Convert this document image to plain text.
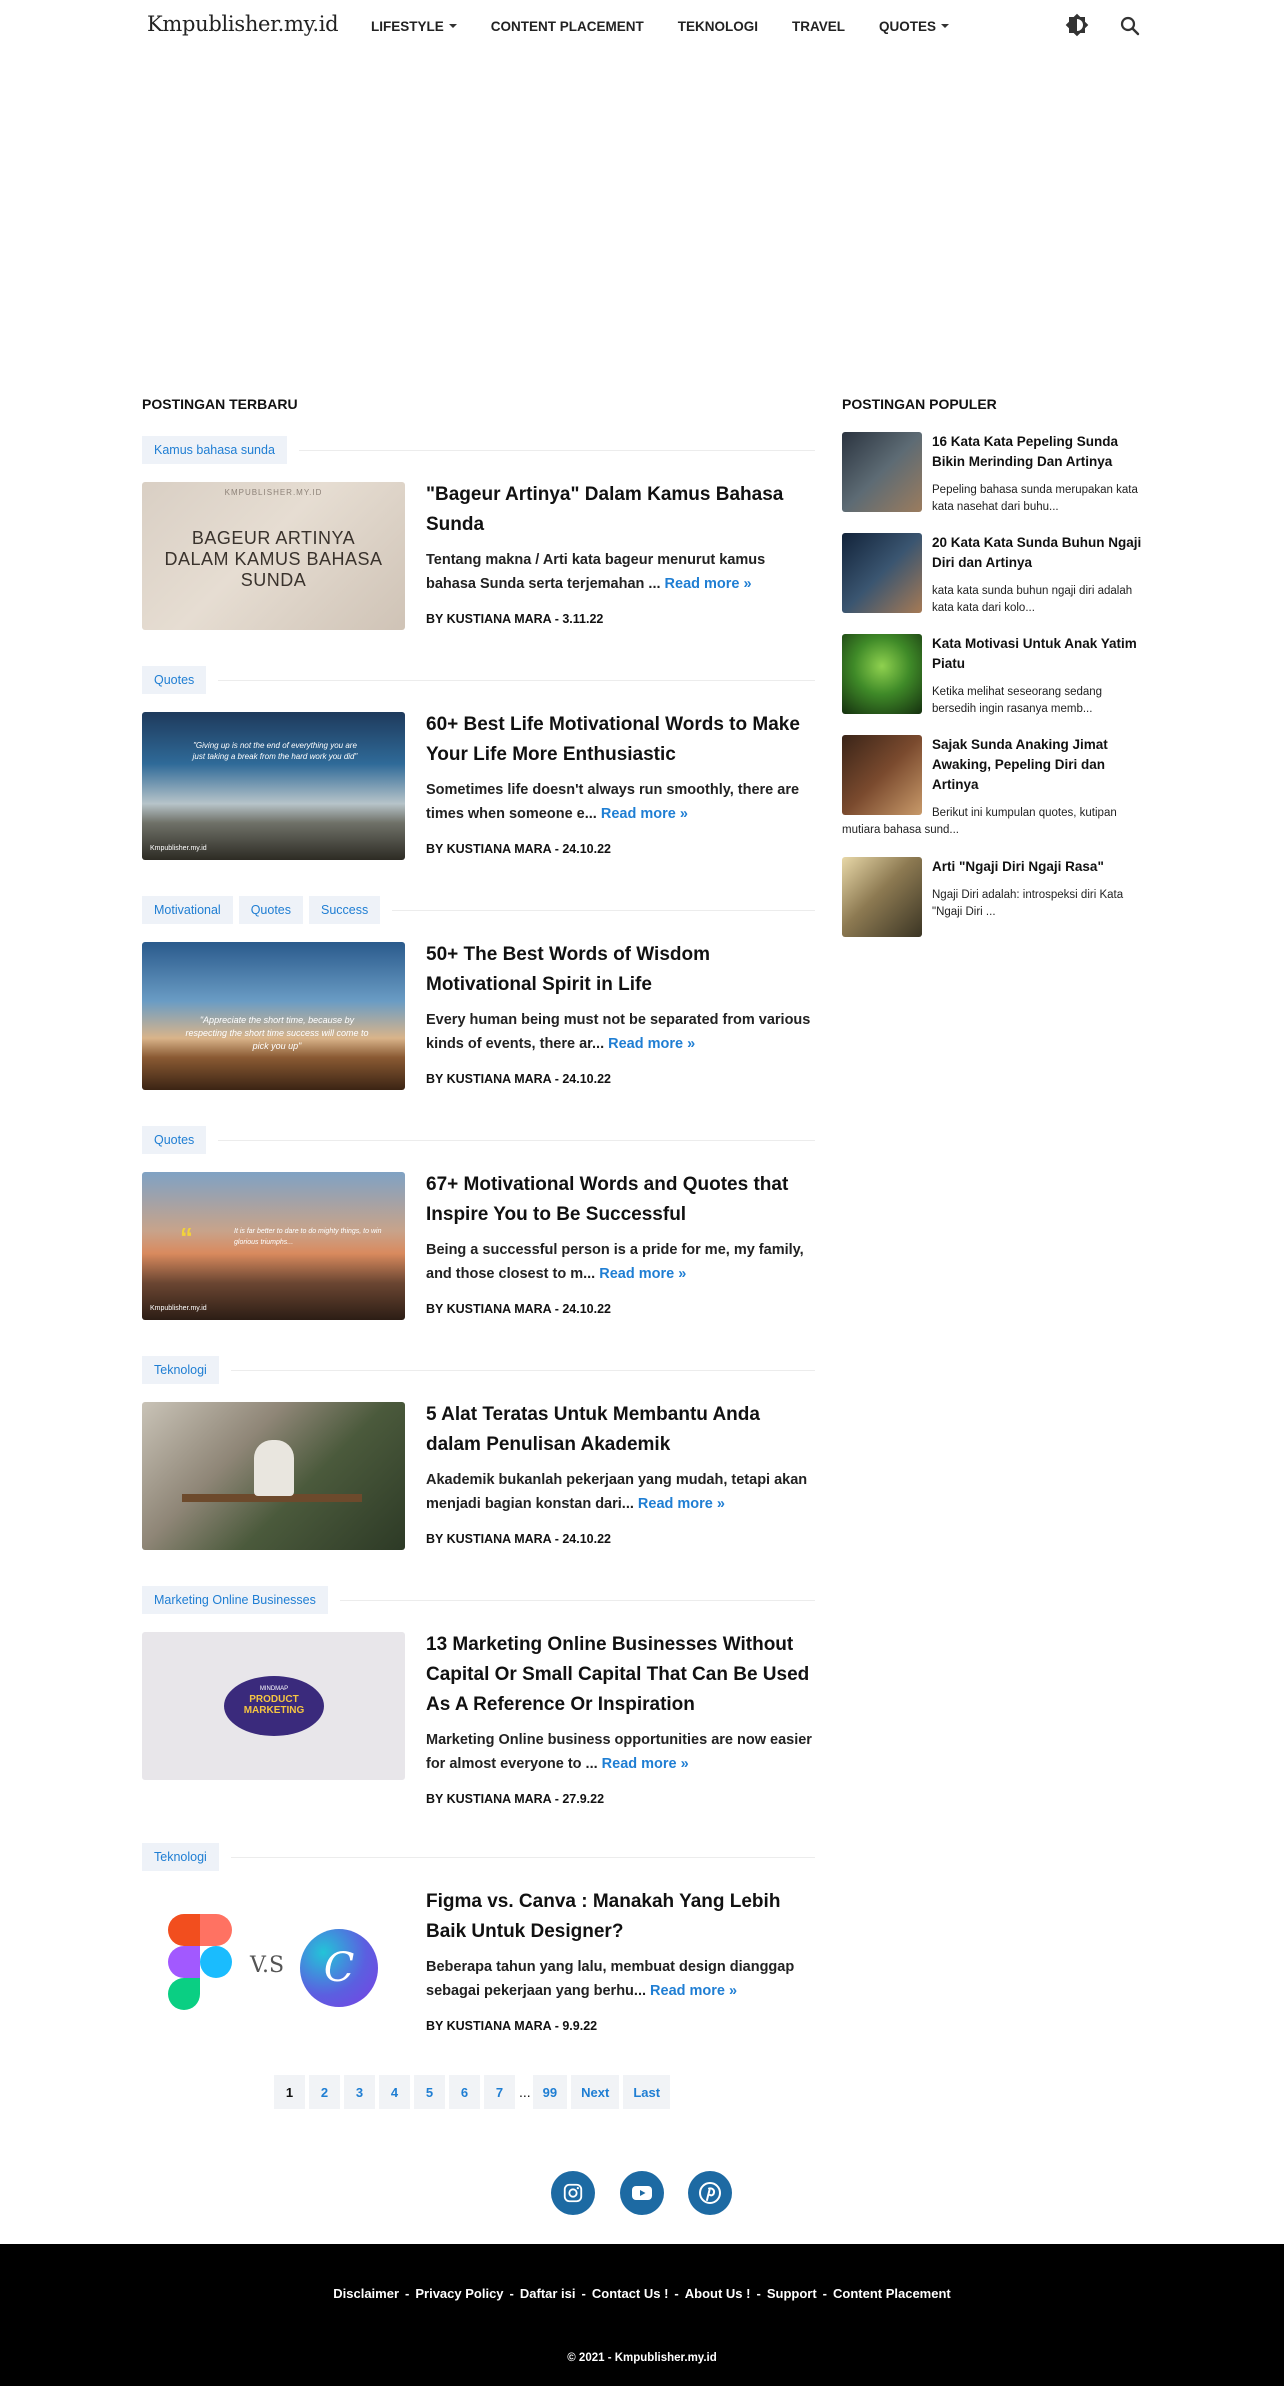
Kmpublisher.my.id LIFESTYLE	CONTENT PLACEMENT	TEKNOLOGI	TRAVEL	QUOTES
POSTINGAN TERBARU
Kamus bahasa sunda
KMPUBLISHER.MY.ID
BAGEUR ARTINYA DALAM KAMUS BAHASA SUNDA
"Bageur Artinya" Dalam Kamus Bahasa Sunda
Tentang makna / Arti kata bageur menurut kamus bahasa Sunda serta terjemahan ... Read more »
BY KUSTIANA MARA - 3.11.22
Quotes
"Giving up is not the end of everything you are just taking a break from the hard work you did"
Kmpublisher.my.id
60+ Best Life Motivational Words to Make Your Life More Enthusiastic
Sometimes life doesn't always run smoothly, there are times when someone e... Read more »
BY KUSTIANA MARA - 24.10.22
Motivational	Quotes	Success
"Appreciate the short time, because by respecting the short time success will come to pick you up"
50+ The Best Words of Wisdom Motivational Spirit in Life
Every human being must not be separated from various kinds of events, there ar... Read more »
BY KUSTIANA MARA - 24.10.22
Quotes
“	It is far better to dare to do mighty things, to win glorious triumphs...
Kmpublisher.my.id
67+ Motivational Words and Quotes that Inspire You to Be Successful
Being a successful person is a pride for me, my family, and those closest to m... Read more »
BY KUSTIANA MARA - 24.10.22
Teknologi
5 Alat Teratas Untuk Membantu Anda dalam Penulisan Akademik
Akademik bukanlah pekerjaan yang mudah, tetapi akan menjadi bagian konstan dari... Read more »
BY KUSTIANA MARA - 24.10.22
Marketing Online Businesses
MINDMAP
PRODUCT MARKETING
13 Marketing Online Businesses Without Capital Or Small Capital That Can Be Used As A Reference Or Inspiration
Marketing Online business opportunities are now easier for almost everyone to ... Read more »
BY KUSTIANA MARA - 27.9.22
Teknologi
V.S C
Figma vs. Canva : Manakah Yang Lebih Baik Untuk Designer?
Beberapa tahun yang lalu, membuat design dianggap sebagai pekerjaan yang berhu... Read more »
BY KUSTIANA MARA - 9.9.22
1	2	3	4	5	6	7	... 99	Next	Last
POSTINGAN POPULER
16 Kata Kata Pepeling Sunda Bikin Merinding Dan Artinya
Pepeling bahasa sunda merupakan kata kata nasehat dari buhu...
20 Kata Kata Sunda Buhun Ngaji Diri dan Artinya
kata kata sunda buhun ngaji diri adalah kata kata dari kolo...
Kata Motivasi Untuk Anak Yatim Piatu
Ketika melihat seseorang sedang bersedih ingin rasanya memb...
Sajak Sunda Anaking Jimat Awaking, Pepeling Diri dan Artinya
Berikut ini kumpulan quotes, kutipan mutiara bahasa sund...
Arti "Ngaji Diri Ngaji Rasa"
Ngaji Diri adalah: introspeksi diri Kata "Ngaji Diri ...
Disclaimer - Privacy Policy - Daftar isi - Contact Us ! - About Us ! - Support - Content Placement
© 2021 - Kmpublisher.my.id
